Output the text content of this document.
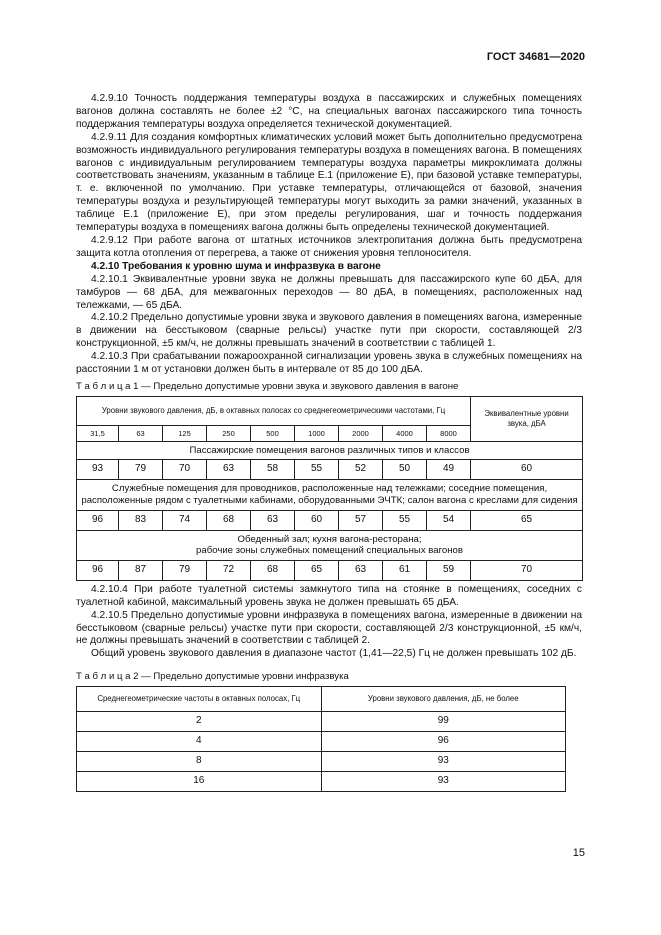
ГОСТ 34681—2020

4.2.9.10 Точность поддержания температуры воздуха в пассажирских и служебных помещениях вагонов должна составлять не более ±2 °С, на специальных вагонах пассажирского типа точность поддержания температуры воздуха определяется технической документацией.

4.2.9.11 Для создания комфортных климатических условий может быть дополнительно предусмотрена возможность индивидуального регулирования температуры воздуха в помещениях вагона. В помещениях вагонов с индивидуальным регулированием температуры воздуха параметры микроклимата должны соответствовать значениям, указанным в таблице Е.1 (приложение Е), при базовой уставке температуры, т. е. включенной по умолчанию. При уставке температуры, отличающейся от базовой, значения температуры воздуха и результирующей температуры могут выходить за рамки значений, указанных в таблице Е.1 (приложение Е), при этом пределы регулирования, шаг и точность поддержания температуры воздуха в помещениях вагона должны быть определены технической документацией.

4.2.9.12 При работе вагона от штатных источников электропитания должна быть предусмотрена защита котла отопления от перегрева, а также от снижения уровня теплоносителя.

4.2.10 Требования к уровню шума и инфразвука в вагоне

4.2.10.1 Эквивалентные уровни звука не должны превышать для пассажирского купе 60 дБА, для тамбуров — 68 дБА, для межвагонных переходов — 80 дБА, в помещениях, расположенных над тележками, — 65 дБА.

4.2.10.2 Предельно допустимые уровни звука и звукового давления в помещениях вагона, измеренные в движении на бесстыковом (сварные рельсы) участке пути при скорости, составляющей 2/3 конструкционной, ±5 км/ч, не должны превышать значений в соответствии с таблицей 1.

4.2.10.3 При срабатывании пожароохранной сигнализации уровень звука в служебных помещениях на расстоянии 1 м от установки должен быть в интервале от 85 до 100 дБА.

Т а б л и ц а 1 — Предельно допустимые уровни звука и звукового давления в вагоне
Уровни звукового давления, дБ, в октавных полосах со среднегеометрическими частотами, Гц									Эквивалентные уровни звука, дБА
31,5	63	125	250	500	1000	2000	4000	8000	
Пассажирские помещения вагонов различных типов и классов									
93	79	70	63	58	55	52	50	49	60
Служебные помещения для проводников, расположенные над тележками; соседние помещения, расположенные рядом с туалетными кабинами, оборудованными ЭЧТК; салон вагона с креслами для сидения									
96	83	74	68	63	60	57	55	54	65
Обеденный зал; кухня вагона-ресторана;
рабочие зоны служебных помещений специальных вагонов									
96	87	79	72	68	65	63	61	59	70

4.2.10.4 При работе туалетной системы замкнутого типа на стоянке в помещениях, соседних с туалетной кабиной, максимальный уровень звука не должен превышать 65 дБА.

4.2.10.5 Предельно допустимые уровни инфразвука в помещениях вагона, измеренные в движении на бесстыковом (сварные рельсы) участке пути при скорости, составляющей 2/3 конструкционной, ±5 км/ч, не должны превышать значений в соответствии с таблицей 2.

Общий уровень звукового давления в диапазоне частот (1,41—22,5) Гц не должен превышать 102 дБ.

Т а б л и ц а 2 — Предельно допустимые уровни инфразвука
Среднегеометрические частоты в октавных полосах, Гц	Уровни звукового давления, дБ, не более
2	99
4	96
8	93
16	93
15
